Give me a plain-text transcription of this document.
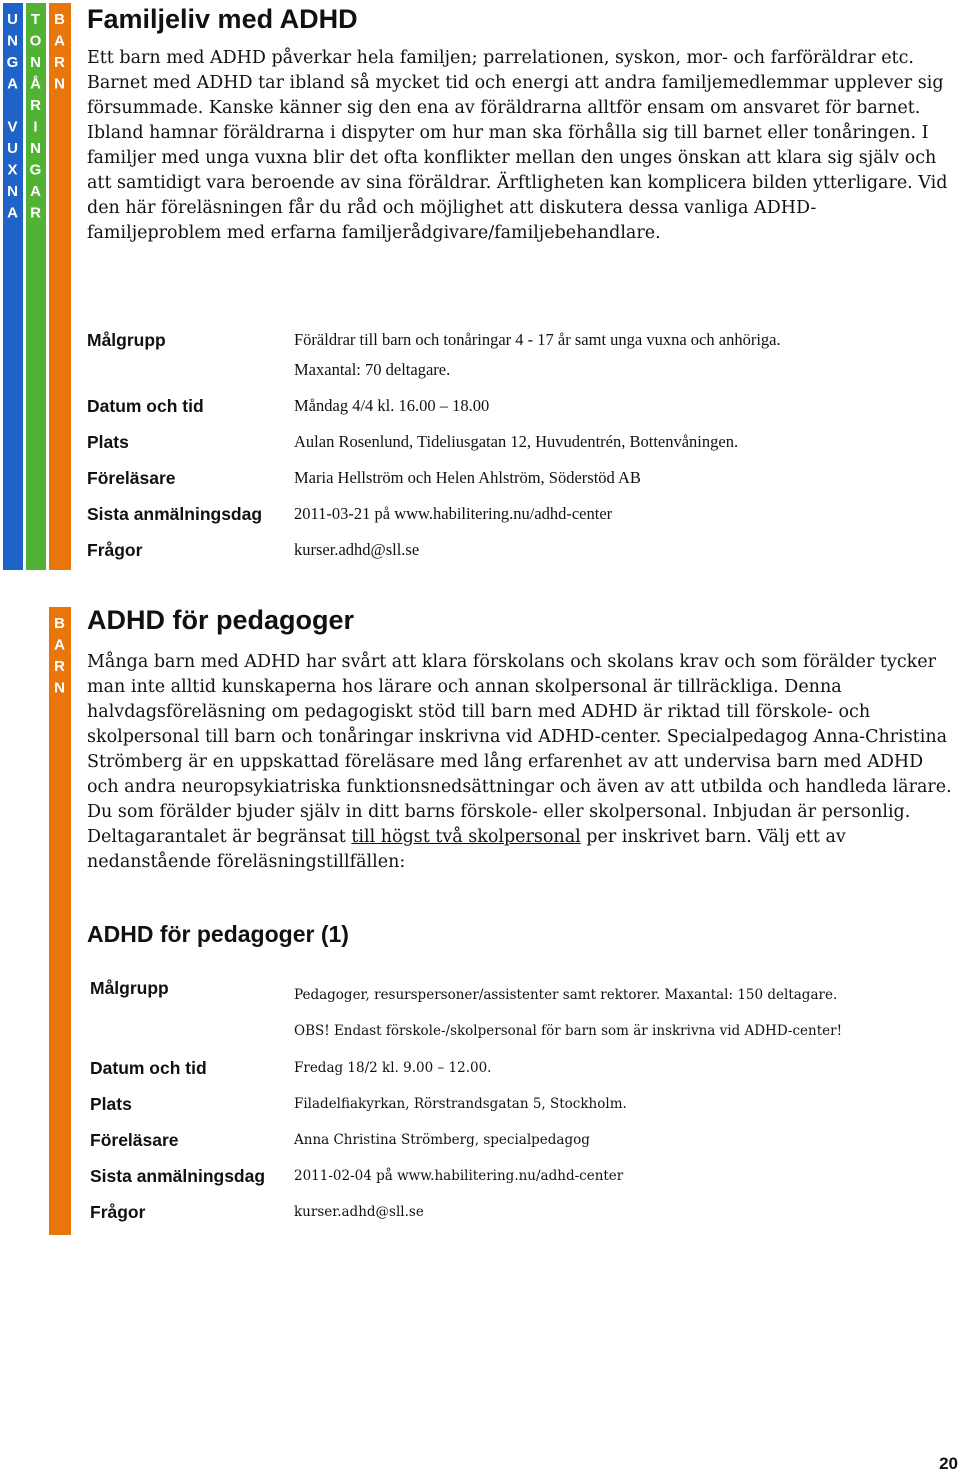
UNGA VUXNA TONÅRINGAR BARN
BARN
Familjeliv med ADHD

Ett barn med ADHD påverkar hela familjen; parrelationen, syskon, mor- och farföräldrar etc. Barnet med ADHD tar ibland så mycket tid och energi att andra familjemedlemmar upplever sig försummade. Kanske känner sig den ena av föräldrarna alltför ensam om ansvaret för barnet. Ibland hamnar föräldrarna i dispyter om hur man ska förhålla sig till barnet eller tonåringen. I familjer med unga vuxna blir det ofta konflikter mellan den unges önskan att klara sig själv och att samtidigt vara beroende av sina föräldrar. Ärftligheten kan komplicera bilden ytterligare. Vid den här föreläsningen får du råd och möjlighet att diskutera dessa vanliga ADHD- familjeproblem med erfarna familjerådgivare/familjebehandlare.

Målgrupp	Föräldrar till barn och tonåringar 4 - 17 år samt unga vuxna och anhöriga.
Maxantal: 70 deltagare.
Datum och tid	Måndag 4/4 kl. 16.00 – 18.00
Plats	Aulan Rosenlund, Tideliusgatan 12, Huvudentrén, Bottenvåningen.
Föreläsare	Maria Hellström och Helen Ahlström, Söderstöd AB
Sista anmälningsdag 2011-03-21 på www.habilitering.nu/adhd-center
Frågor	kurser.adhd@sll.se
ADHD för pedagoger

Många barn med ADHD har svårt att klara förskolans och skolans krav och som förälder tycker man inte alltid kunskaperna hos lärare och annan skolpersonal är tillräckliga. Denna halvdagsföreläsning om pedagogiskt stöd till barn med ADHD är riktad till förskole- och skolpersonal till barn och tonåringar inskrivna vid ADHD-center. Specialpedagog Anna-Christina Strömberg är en uppskattad föreläsare med lång erfarenhet av att undervisa barn med ADHD och andra neuropsykiatriska funktionsnedsättningar och även av att utbilda och handleda lärare. Du som förälder bjuder själv in ditt barns förskole- eller skolpersonal. Inbjudan är personlig. Deltagarantalet är begränsat till högst två skolpersonal per inskrivet barn. Välj ett av nedanstående föreläsningstillfällen:

ADHD för pedagoger (1)
Målgrupp	Pedagoger, resurspersoner/assistenter samt rektorer. Maxantal: 150 deltagare.
OBS! Endast förskole-/skolpersonal för barn som är inskrivna vid ADHD-center!
Datum och tid	Fredag 18/2 kl. 9.00 – 12.00.
Plats	Filadelfiakyrkan, Rörstrandsgatan 5, Stockholm.
Föreläsare	Anna Christina Strömberg, specialpedagog
Sista anmälningsdag 2011-02-04 på www.habilitering.nu/adhd-center
Frågor	kurser.adhd@sll.se
20
